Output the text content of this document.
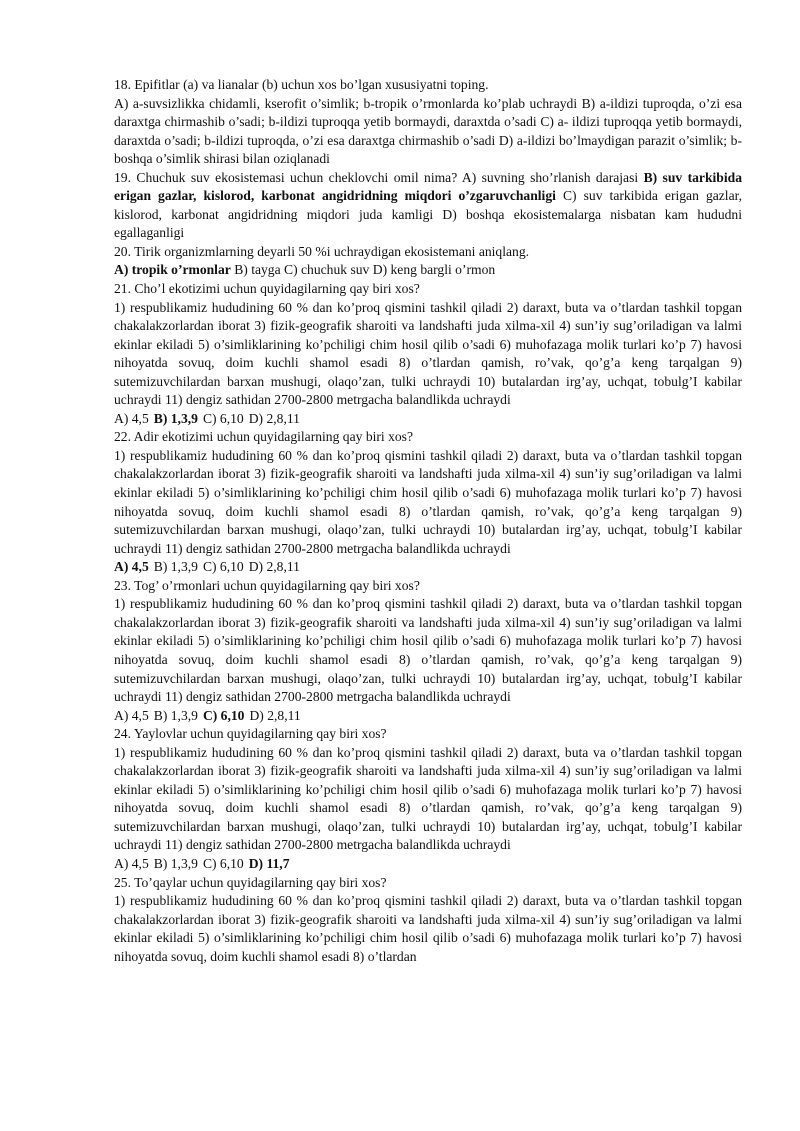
18. Epifitlar (a) va lianalar (b) uchun xos bo’lgan xususiyatni toping.

A) a-suvsizlikka chidamli, kserofit o’simlik; b-tropik o’rmonlarda ko’plab uchraydi B) a-ildizi tuproqda, o’zi esa daraxtga chirmashib o’sadi; b-ildizi tuproqqa yetib bormaydi, daraxtda o’sadi C) a- ildizi tuproqqa yetib bormaydi, daraxtda o’sadi; b-ildizi tuproqda, o’zi esa daraxtga chirmashib o’sadi D) a-ildizi bo’lmaydigan parazit o’simlik; b-boshqa o’simlik shirasi bilan oziqlanadi

19. Chuchuk suv ekosistemasi uchun cheklovchi omil nima? A) suvning sho’rlanish darajasi B) suv tarkibida erigan gazlar, kislorod, karbonat angidridning miqdori o’zgaruvchanligi C) suv tarkibida erigan gazlar, kislorod, karbonat angidridning miqdori juda kamligi D) boshqa ekosistemalarga nisbatan kam hududni egallaganligi

20. Tirik organizmlarning deyarli 50 %i uchraydigan ekosistemani aniqlang.

A) tropik o’rmonlar B) tayga C) chuchuk suv D) keng bargli o’rmon

21. Cho’l ekotizimi uchun quyidagilarning qay biri xos?

1) respublikamiz hududining 60 % dan ko’proq qismini tashkil qiladi 2) daraxt, buta va o’tlardan tashkil topgan chakalakzorlardan iborat 3) fizik-geografik sharoiti va landshafti juda xilma-xil 4) sun’iy sug’oriladigan va lalmi ekinlar ekiladi 5) o’simliklarining ko’pchiligi chim hosil qilib o’sadi 6) muhofazaga molik turlari ko’p 7) havosi nihoyatda sovuq, doim kuchli shamol esadi 8) o’tlardan qamish, ro’vak, qo’g’a keng tarqalgan 9) sutemizuvchilardan barxan mushugi, olaqo’zan, tulki uchraydi 10) butalardan irg’ay, uchqat, tobulg’I kabilar uchraydi 11) dengiz sathidan 2700-2800 metrgacha balandlikda uchraydi

A) 4,5 B) 1,3,9 C) 6,10 D) 2,8,11

22. Adir ekotizimi uchun quyidagilarning qay biri xos?

1) respublikamiz hududining 60 % dan ko’proq qismini tashkil qiladi 2) daraxt, buta va o’tlardan tashkil topgan chakalakzorlardan iborat 3) fizik-geografik sharoiti va landshafti juda xilma-xil 4) sun’iy sug’oriladigan va lalmi ekinlar ekiladi 5) o’simliklarining ko’pchiligi chim hosil qilib o’sadi 6) muhofazaga molik turlari ko’p 7) havosi nihoyatda sovuq, doim kuchli shamol esadi 8) o’tlardan qamish, ro’vak, qo’g’a keng tarqalgan 9) sutemizuvchilardan barxan mushugi, olaqo’zan, tulki uchraydi 10) butalardan irg’ay, uchqat, tobulg’I kabilar uchraydi 11) dengiz sathidan 2700-2800 metrgacha balandlikda uchraydi

A) 4,5 B) 1,3,9 C) 6,10 D) 2,8,11

23. Tog’ o’rmonlari uchun quyidagilarning qay biri xos?

1) respublikamiz hududining 60 % dan ko’proq qismini tashkil qiladi 2) daraxt, buta va o’tlardan tashkil topgan chakalakzorlardan iborat 3) fizik-geografik sharoiti va landshafti juda xilma-xil 4) sun’iy sug’oriladigan va lalmi ekinlar ekiladi 5) o’simliklarining ko’pchiligi chim hosil qilib o’sadi 6) muhofazaga molik turlari ko’p 7) havosi nihoyatda sovuq, doim kuchli shamol esadi 8) o’tlardan qamish, ro’vak, qo’g’a keng tarqalgan 9) sutemizuvchilardan barxan mushugi, olaqo’zan, tulki uchraydi 10) butalardan irg’ay, uchqat, tobulg’I kabilar uchraydi 11) dengiz sathidan 2700-2800 metrgacha balandlikda uchraydi

A) 4,5 B) 1,3,9 C) 6,10 D) 2,8,11

24. Yaylovlar uchun quyidagilarning qay biri xos?

1) respublikamiz hududining 60 % dan ko’proq qismini tashkil qiladi 2) daraxt, buta va o’tlardan tashkil topgan chakalakzorlardan iborat 3) fizik-geografik sharoiti va landshafti juda xilma-xil 4) sun’iy sug’oriladigan va lalmi ekinlar ekiladi 5) o’simliklarining ko’pchiligi chim hosil qilib o’sadi 6) muhofazaga molik turlari ko’p 7) havosi nihoyatda sovuq, doim kuchli shamol esadi 8) o’tlardan qamish, ro’vak, qo’g’a keng tarqalgan 9) sutemizuvchilardan barxan mushugi, olaqo’zan, tulki uchraydi 10) butalardan irg’ay, uchqat, tobulg’I kabilar uchraydi 11) dengiz sathidan 2700-2800 metrgacha balandlikda uchraydi

A) 4,5 B) 1,3,9 C) 6,10 D) 11,7

25. To’qaylar uchun quyidagilarning qay biri xos?

1) respublikamiz hududining 60 % dan ko’proq qismini tashkil qiladi 2) daraxt, buta va o’tlardan tashkil topgan chakalakzorlardan iborat 3) fizik-geografik sharoiti va landshafti juda xilma-xil 4) sun’iy sug’oriladigan va lalmi ekinlar ekiladi 5) o’simliklarining ko’pchiligi chim hosil qilib o’sadi 6) muhofazaga molik turlari ko’p 7) havosi nihoyatda sovuq, doim kuchli shamol esadi 8) o’tlardan
